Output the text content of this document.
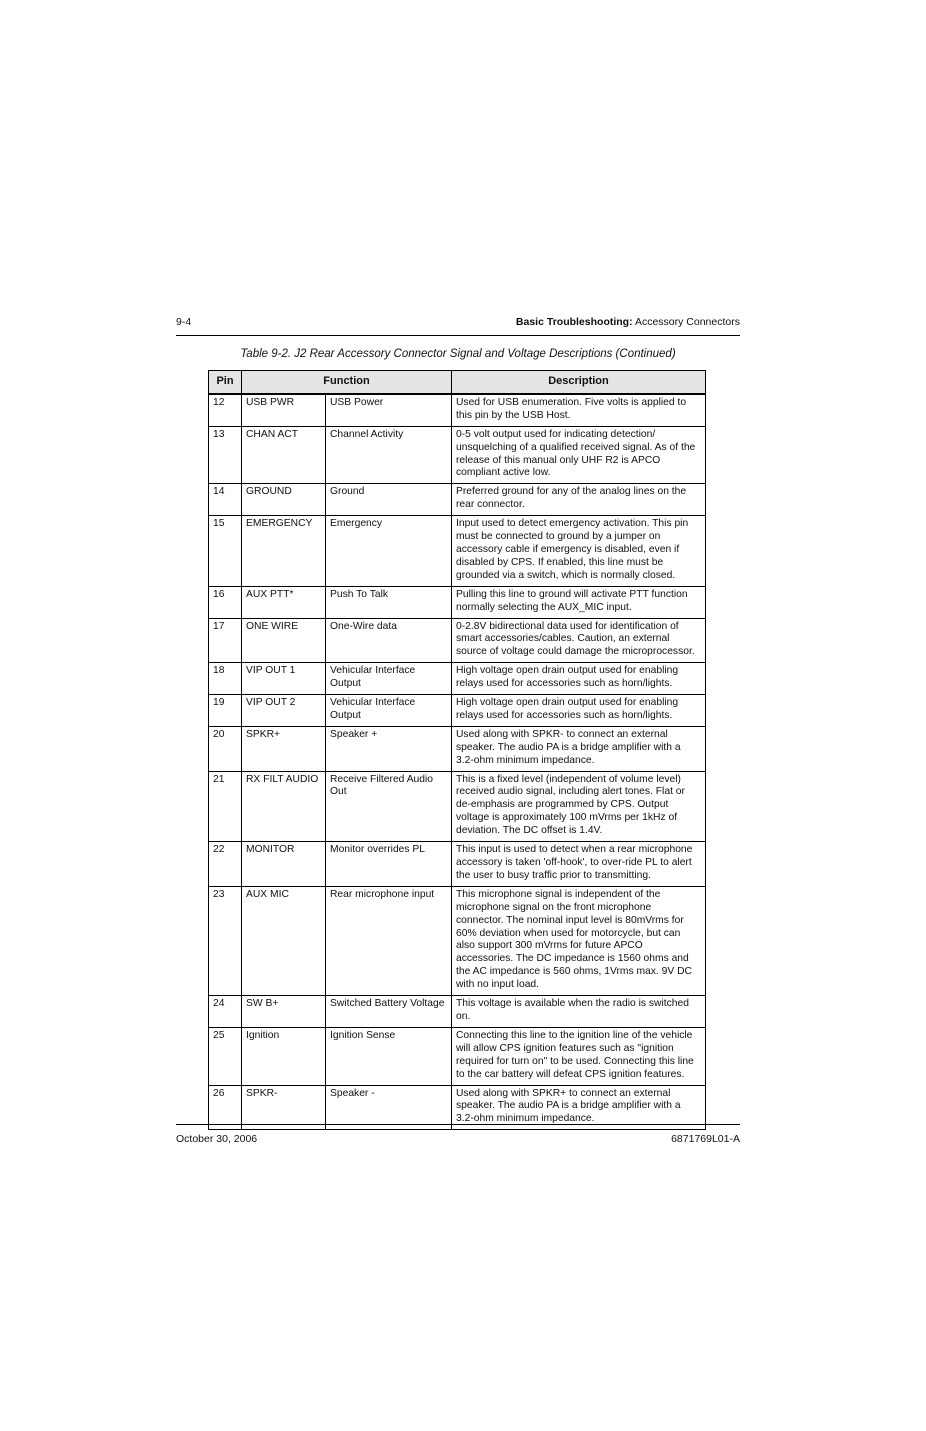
9-4	Basic Troubleshooting: Accessory Connectors
Table 9-2. J2 Rear Accessory Connector Signal and Voltage Descriptions (Continued)
Pin	Function		Description
12	USB PWR	USB Power	Used for USB enumeration. Five volts is applied to this pin by the USB Host.
13	CHAN ACT	Channel Activity	0-5 volt output used for indicating detection/ unsquelching of a qualified received signal. As of the release of this manual only UHF R2 is APCO compliant active low.
14	GROUND	Ground	Preferred ground for any of the analog lines on the rear connector.
15	EMERGENCY	Emergency	Input used to detect emergency activation. This pin must be connected to ground by a jumper on accessory cable if emergency is disabled, even if disabled by CPS. If enabled, this line must be grounded via a switch, which is normally closed.
16	AUX PTT*	Push To Talk	Pulling this line to ground will activate PTT function normally selecting the AUX_MIC input.
17	ONE WIRE	One-Wire data	0-2.8V bidirectional data used for identification of smart accessories/cables. Caution, an external source of voltage could damage the microprocessor.
18	VIP OUT 1	Vehicular Interface Output	High voltage open drain output used for enabling relays used for accessories such as horn/lights.
19	VIP OUT 2	Vehicular Interface Output	High voltage open drain output used for enabling relays used for accessories such as horn/lights.
20	SPKR+	Speaker +	Used along with SPKR- to connect an external speaker. The audio PA is a bridge amplifier with a 3.2-ohm minimum impedance.
21	RX FILT AUDIO	Receive Filtered Audio Out	This is a fixed level (independent of volume level) received audio signal, including alert tones. Flat or de-emphasis are programmed by CPS. Output voltage is approximately 100 mVrms per 1kHz of deviation. The DC offset is 1.4V.
22	MONITOR	Monitor overrides PL	This input is used to detect when a rear microphone accessory is taken 'off-hook', to over-ride PL to alert the user to busy traffic prior to transmitting.
23	AUX MIC	Rear microphone input	This microphone signal is independent of the microphone signal on the front microphone connector. The nominal input level is 80mVrms for 60% deviation when used for motorcycle, but can also support 300 mVrms for future APCO accessories. The DC impedance is 1560 ohms and the AC impedance is 560 ohms, 1Vrms max. 9V DC with no input load.
24	SW B+	Switched Battery Voltage	This voltage is available when the radio is switched on.
25	Ignition	Ignition Sense	Connecting this line to the ignition line of the vehicle will allow CPS ignition features such as "ignition required for turn on" to be used. Connecting this line to the car battery will defeat CPS ignition features.
26	SPKR-	Speaker -	Used along with SPKR+ to connect an external speaker. The audio PA is a bridge amplifier with a 3.2-ohm minimum impedance.
October 30, 2006	6871769L01-A
